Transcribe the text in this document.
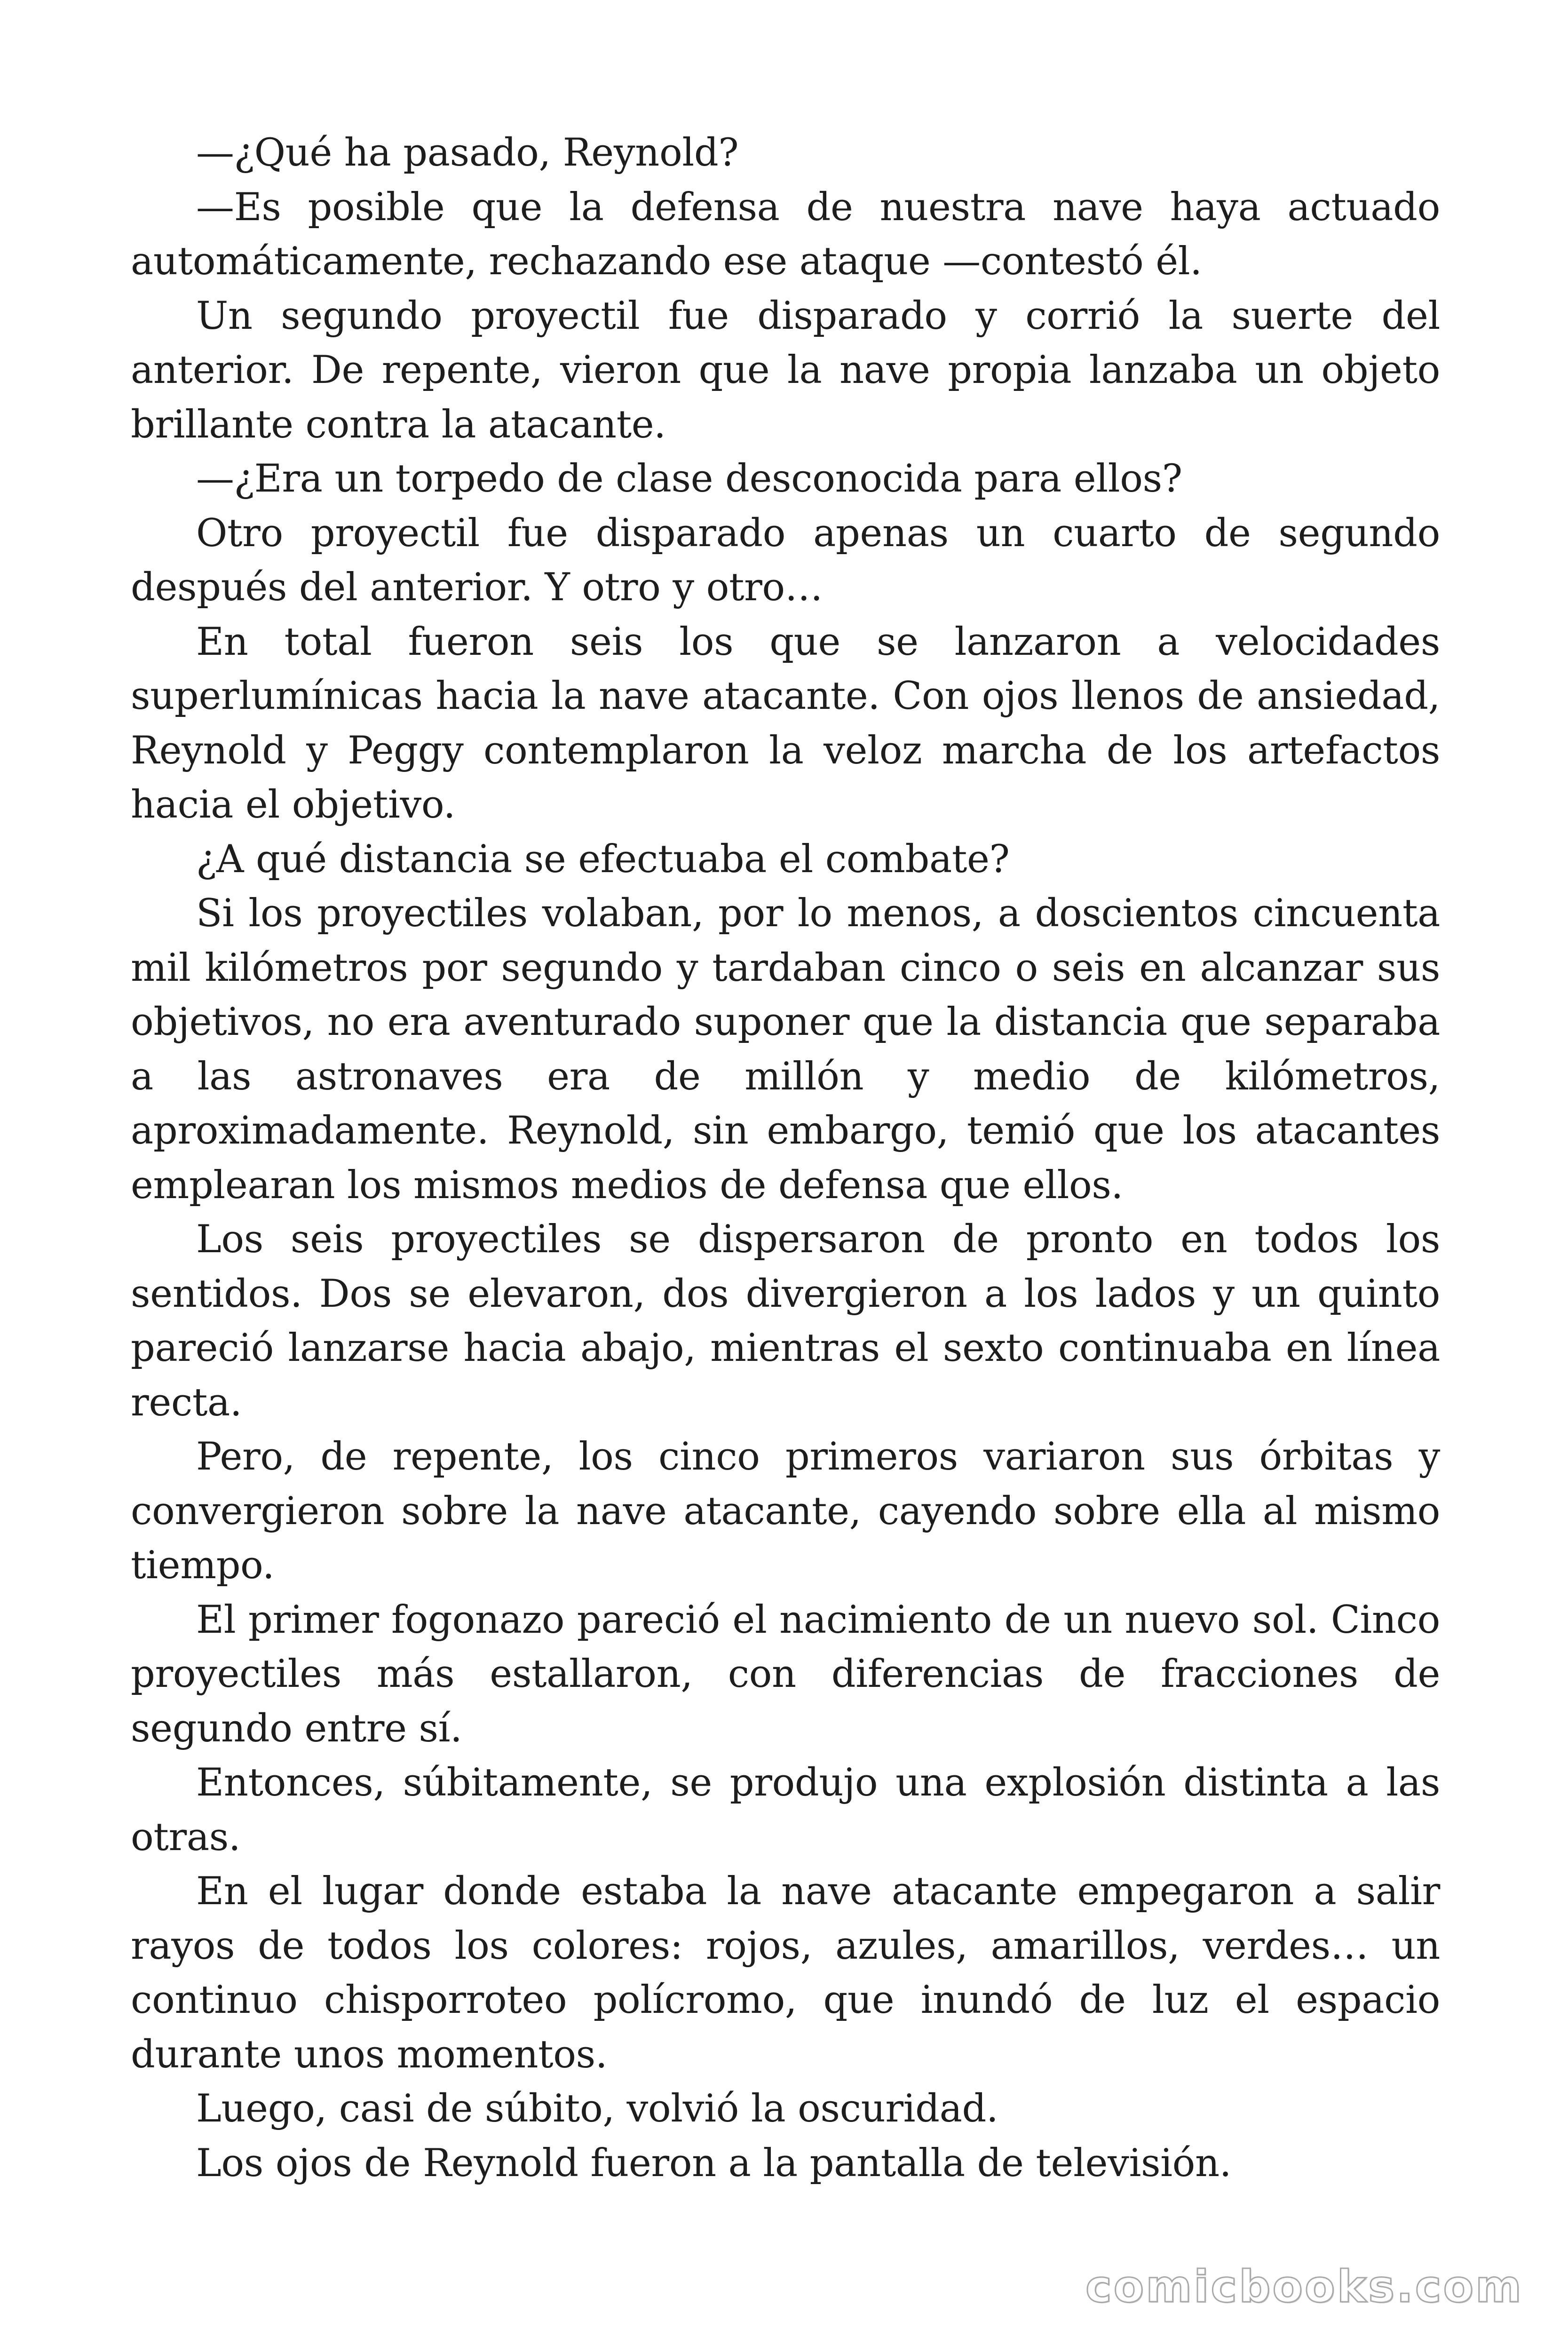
—¿Qué ha pasado, Reynold?

—Es posible que la defensa de nuestra nave haya actuado automáticamente, rechazando ese ataque —contestó él.

Un segundo proyectil fue disparado y corrió la suerte del anterior. De repente, vieron que la nave propia lanzaba un objeto brillante contra la atacante.

—¿Era un torpedo de clase desconocida para ellos?

Otro proyectil fue disparado apenas un cuarto de segundo después del anterior. Y otro y otro…

En total fueron seis los que se lanzaron a velocidades superlumínicas hacia la nave atacante. Con ojos llenos de ansiedad, Reynold y Peggy contemplaron la veloz marcha de los artefactos hacia el objetivo.

¿A qué distancia se efectuaba el combate?

Si los proyectiles volaban, por lo menos, a doscientos cincuenta mil kilómetros por segundo y tardaban cinco o seis en alcanzar sus objetivos, no era aventurado suponer que la distancia que separaba a las astronaves era de millón y medio de kilómetros, aproximadamente. Reynold, sin embargo, temió que los atacantes emplearan los mismos medios de defensa que ellos.

Los seis proyectiles se dispersaron de pronto en todos los sentidos. Dos se elevaron, dos divergieron a los lados y un quinto pareció lanzarse hacia abajo, mientras el sexto continuaba en línea recta.

Pero, de repente, los cinco primeros variaron sus órbitas y convergieron sobre la nave atacante, cayendo sobre ella al mismo tiempo.

El primer fogonazo pareció el nacimiento de un nuevo sol. Cinco proyectiles más estallaron, con diferencias de fracciones de segundo entre sí.

Entonces, súbitamente, se produjo una explosión distinta a las otras.

En el lugar donde estaba la nave atacante empegaron a salir rayos de todos los colores: rojos, azules, amarillos, verdes… un continuo chisporroteo polícromo, que inundó de luz el espacio durante unos momentos.

Luego, casi de súbito, volvió la oscuridad.

Los ojos de Reynold fueron a la pantalla de televisión.

comicbooks.com
